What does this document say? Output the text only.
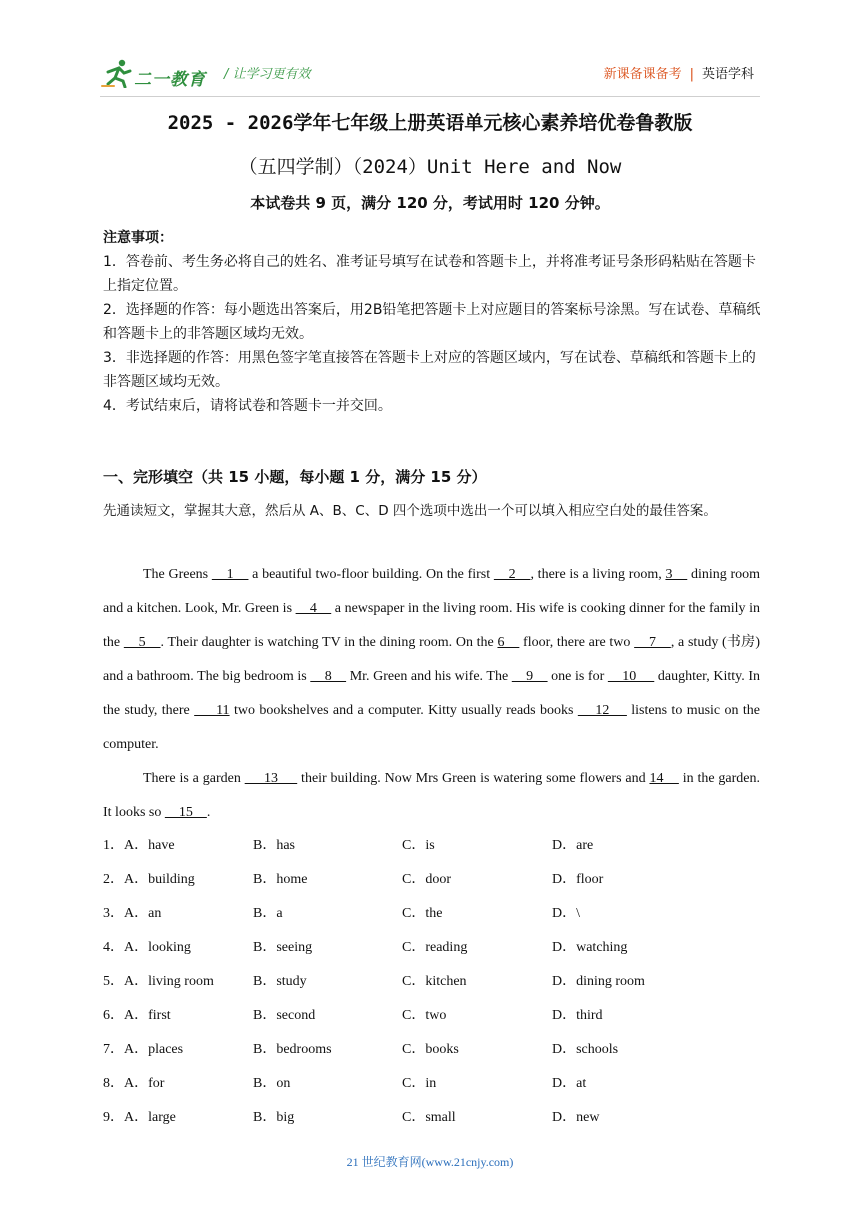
二一教育 / 让学习更有效	新课备课备考 | 英语学科
2025 - 2026学年七年级上册英语单元核心素养培优卷鲁教版
（五四学制）（2024）Unit Here and Now
本试卷共 9 页，满分 120 分，考试用时 120 分钟。
注意事项：
1．答卷前、考生务必将自己的姓名、准考证号填写在试卷和答题卡上，并将准考证号条形码粘贴在答题卡上指定位置。
2．选择题的作答：每小题选出答案后，用2B铅笔把答题卡上对应题目的答案标号涂黑。写在试卷、草稿纸和答题卡上的非答题区域均无效。
3．非选择题的作答：用黑色签字笔直接答在答题卡上对应的答题区域内，写在试卷、草稿纸和答题卡上的非答题区域均无效。
4．考试结束后，请将试卷和答题卡一并交回。
一、完形填空（共 15 小题，每小题 1 分，满分 15 分）
先通读短文，掌握其大意，然后从 A、B、C、D 四个选项中选出一个可以填入相应空白处的最佳答案。

The Greens     1     a beautiful two-floor building. On the first     2    , there is a living room, 3     dining room and a kitchen. Look, Mr. Green is     4     a newspaper in the living room. His wife is cooking dinner for the family in the     5    . Their daughter is watching TV in the dining room. On the 6     floor, there are two     7    , a study (书房) and a bathroom. The big bedroom is     8     Mr. Green and his wife. The     9     one is for     10      daughter, Kitty. In the study, there      11 two bookshelves and a computer. Kitty usually reads books     12     listens to music on the computer.

There is a garden      13      their building. Now Mrs Green is watering some flowers and 14     in the garden. It looks so     15    .

1．A．have	B．has	C．is	D．are
2．A．building	B．home	C．door	D．floor
3．A．an	B．a	C．the	D．\
4．A．looking	B．seeing	C．reading	D．watching
5．A．living room	B．study	C．kitchen	D．dining room
6．A．first	B．second	C．two	D．third
7．A．places	B．bedrooms	C．books	D．schools
8．A．for	B．on	C．in	D．at
9．A．large	B．big	C．small	D．new
21 世纪教育网(www.21cnjy.com)
